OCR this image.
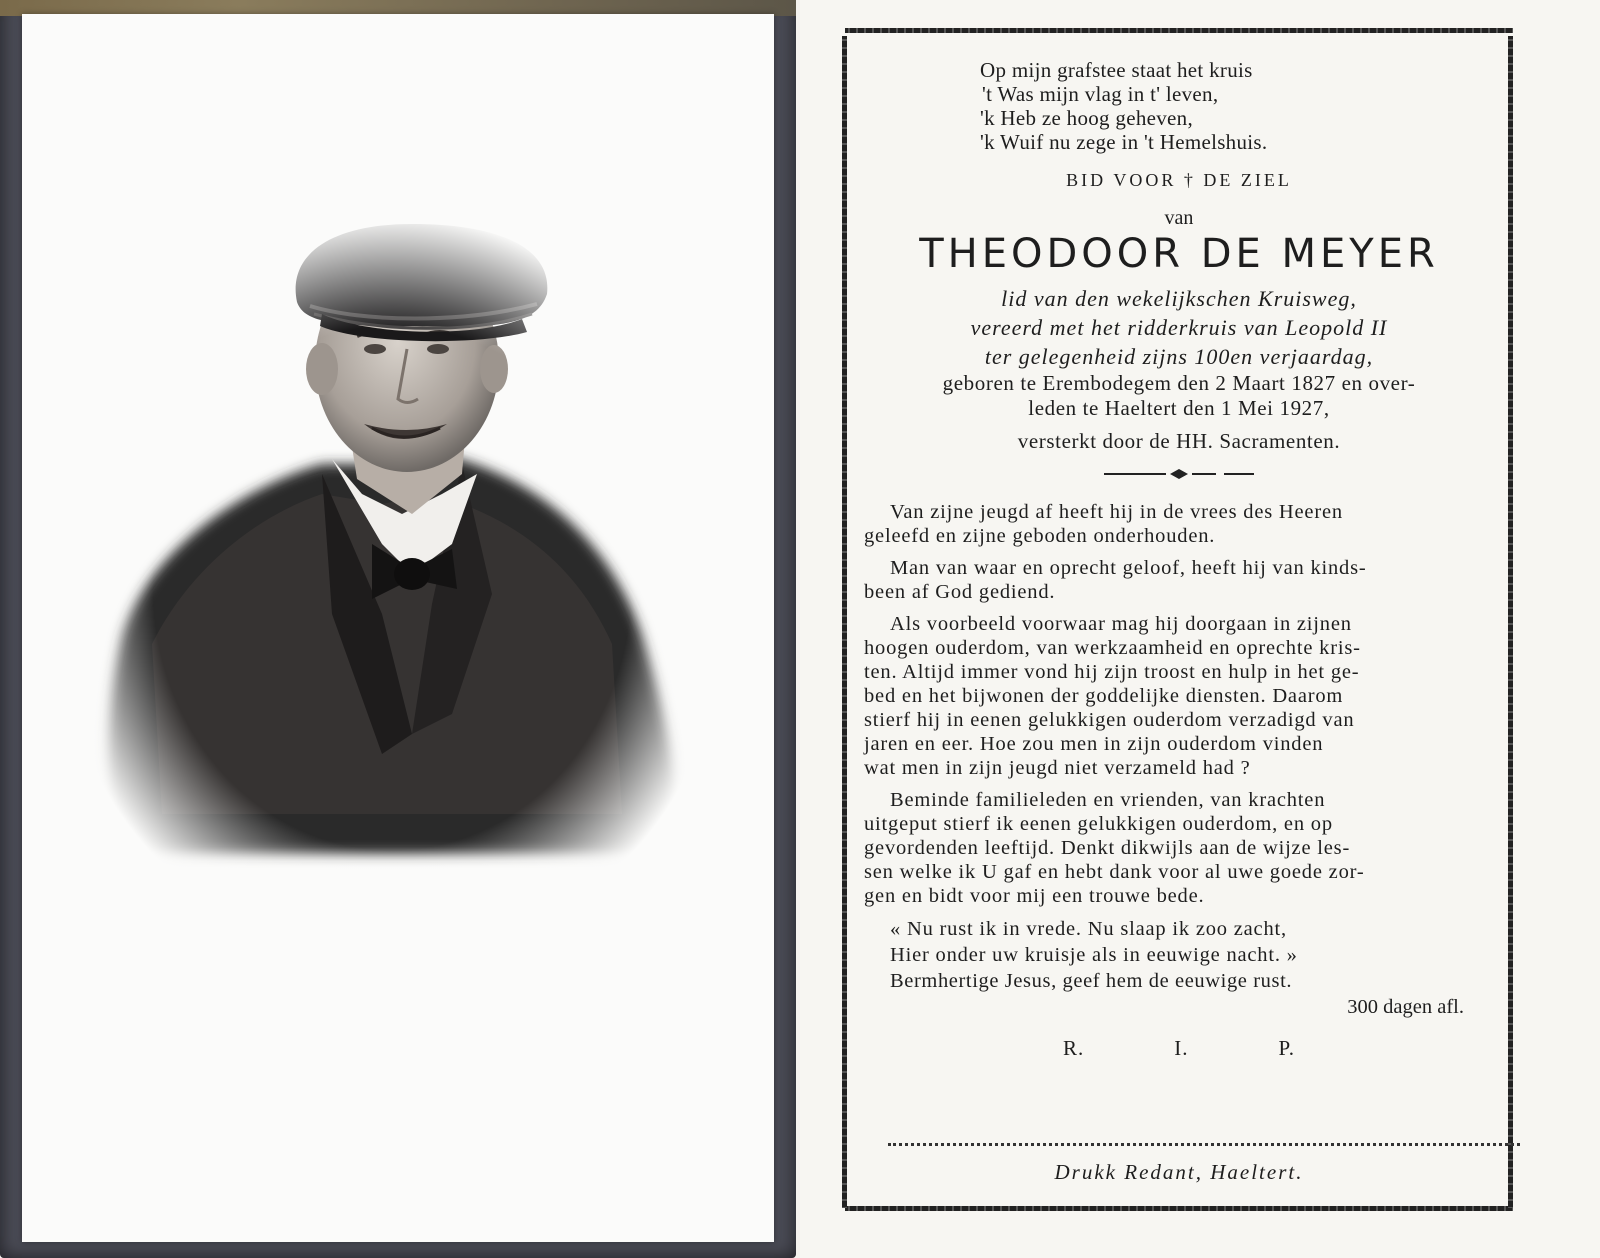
Op mijn grafstee staat het kruis
't Was mijn vlag in t' leven,
'k Heb ze hoog geheven,
'k Wuif nu zege in 't Hemelshuis.
BID VOOR † DE ZIEL
van
THEODOOR DE MEYER
lid van den wekelijkschen Kruisweg,
vereerd met het ridderkruis van Leopold II
ter gelegenheid zijns 100en verjaardag,
geboren te Erembodegem den 2 Maart 1827 en over-
leden te Haeltert den 1 Mei 1927,
versterkt door de HH. Sacramenten.
Van zijne jeugd af heeft hij in de vrees des Heeren
geleefd en zijne geboden onderhouden.
Man van waar en oprecht geloof, heeft hij van kinds-
been af God gediend.
Als voorbeeld voorwaar mag hij doorgaan in zijnen
hoogen ouderdom, van werkzaamheid en oprechte kris-
ten. Altijd immer vond hij zijn troost en hulp in het ge-
bed en het bijwonen der goddelijke diensten. Daarom
stierf hij in eenen gelukkigen ouderdom verzadigd van
jaren en eer. Hoe zou men in zijn ouderdom vinden
wat men in zijn jeugd niet verzameld had ?
Beminde familieleden en vrienden, van krachten
uitgeput stierf ik eenen gelukkigen ouderdom, en op
gevordenden leeftijd. Denkt dikwijls aan de wijze les-
sen welke ik U gaf en hebt dank voor al uwe goede zor-
gen en bidt voor mij een trouwe bede.
« Nu rust ik in vrede. Nu slaap ik zoo zacht,
Hier onder uw kruisje als in eeuwige nacht. »
Bermhertige Jesus, geef hem de eeuwige rust.
300 dagen afl.
R.	I.	P.
Drukk Redant, Haeltert.
